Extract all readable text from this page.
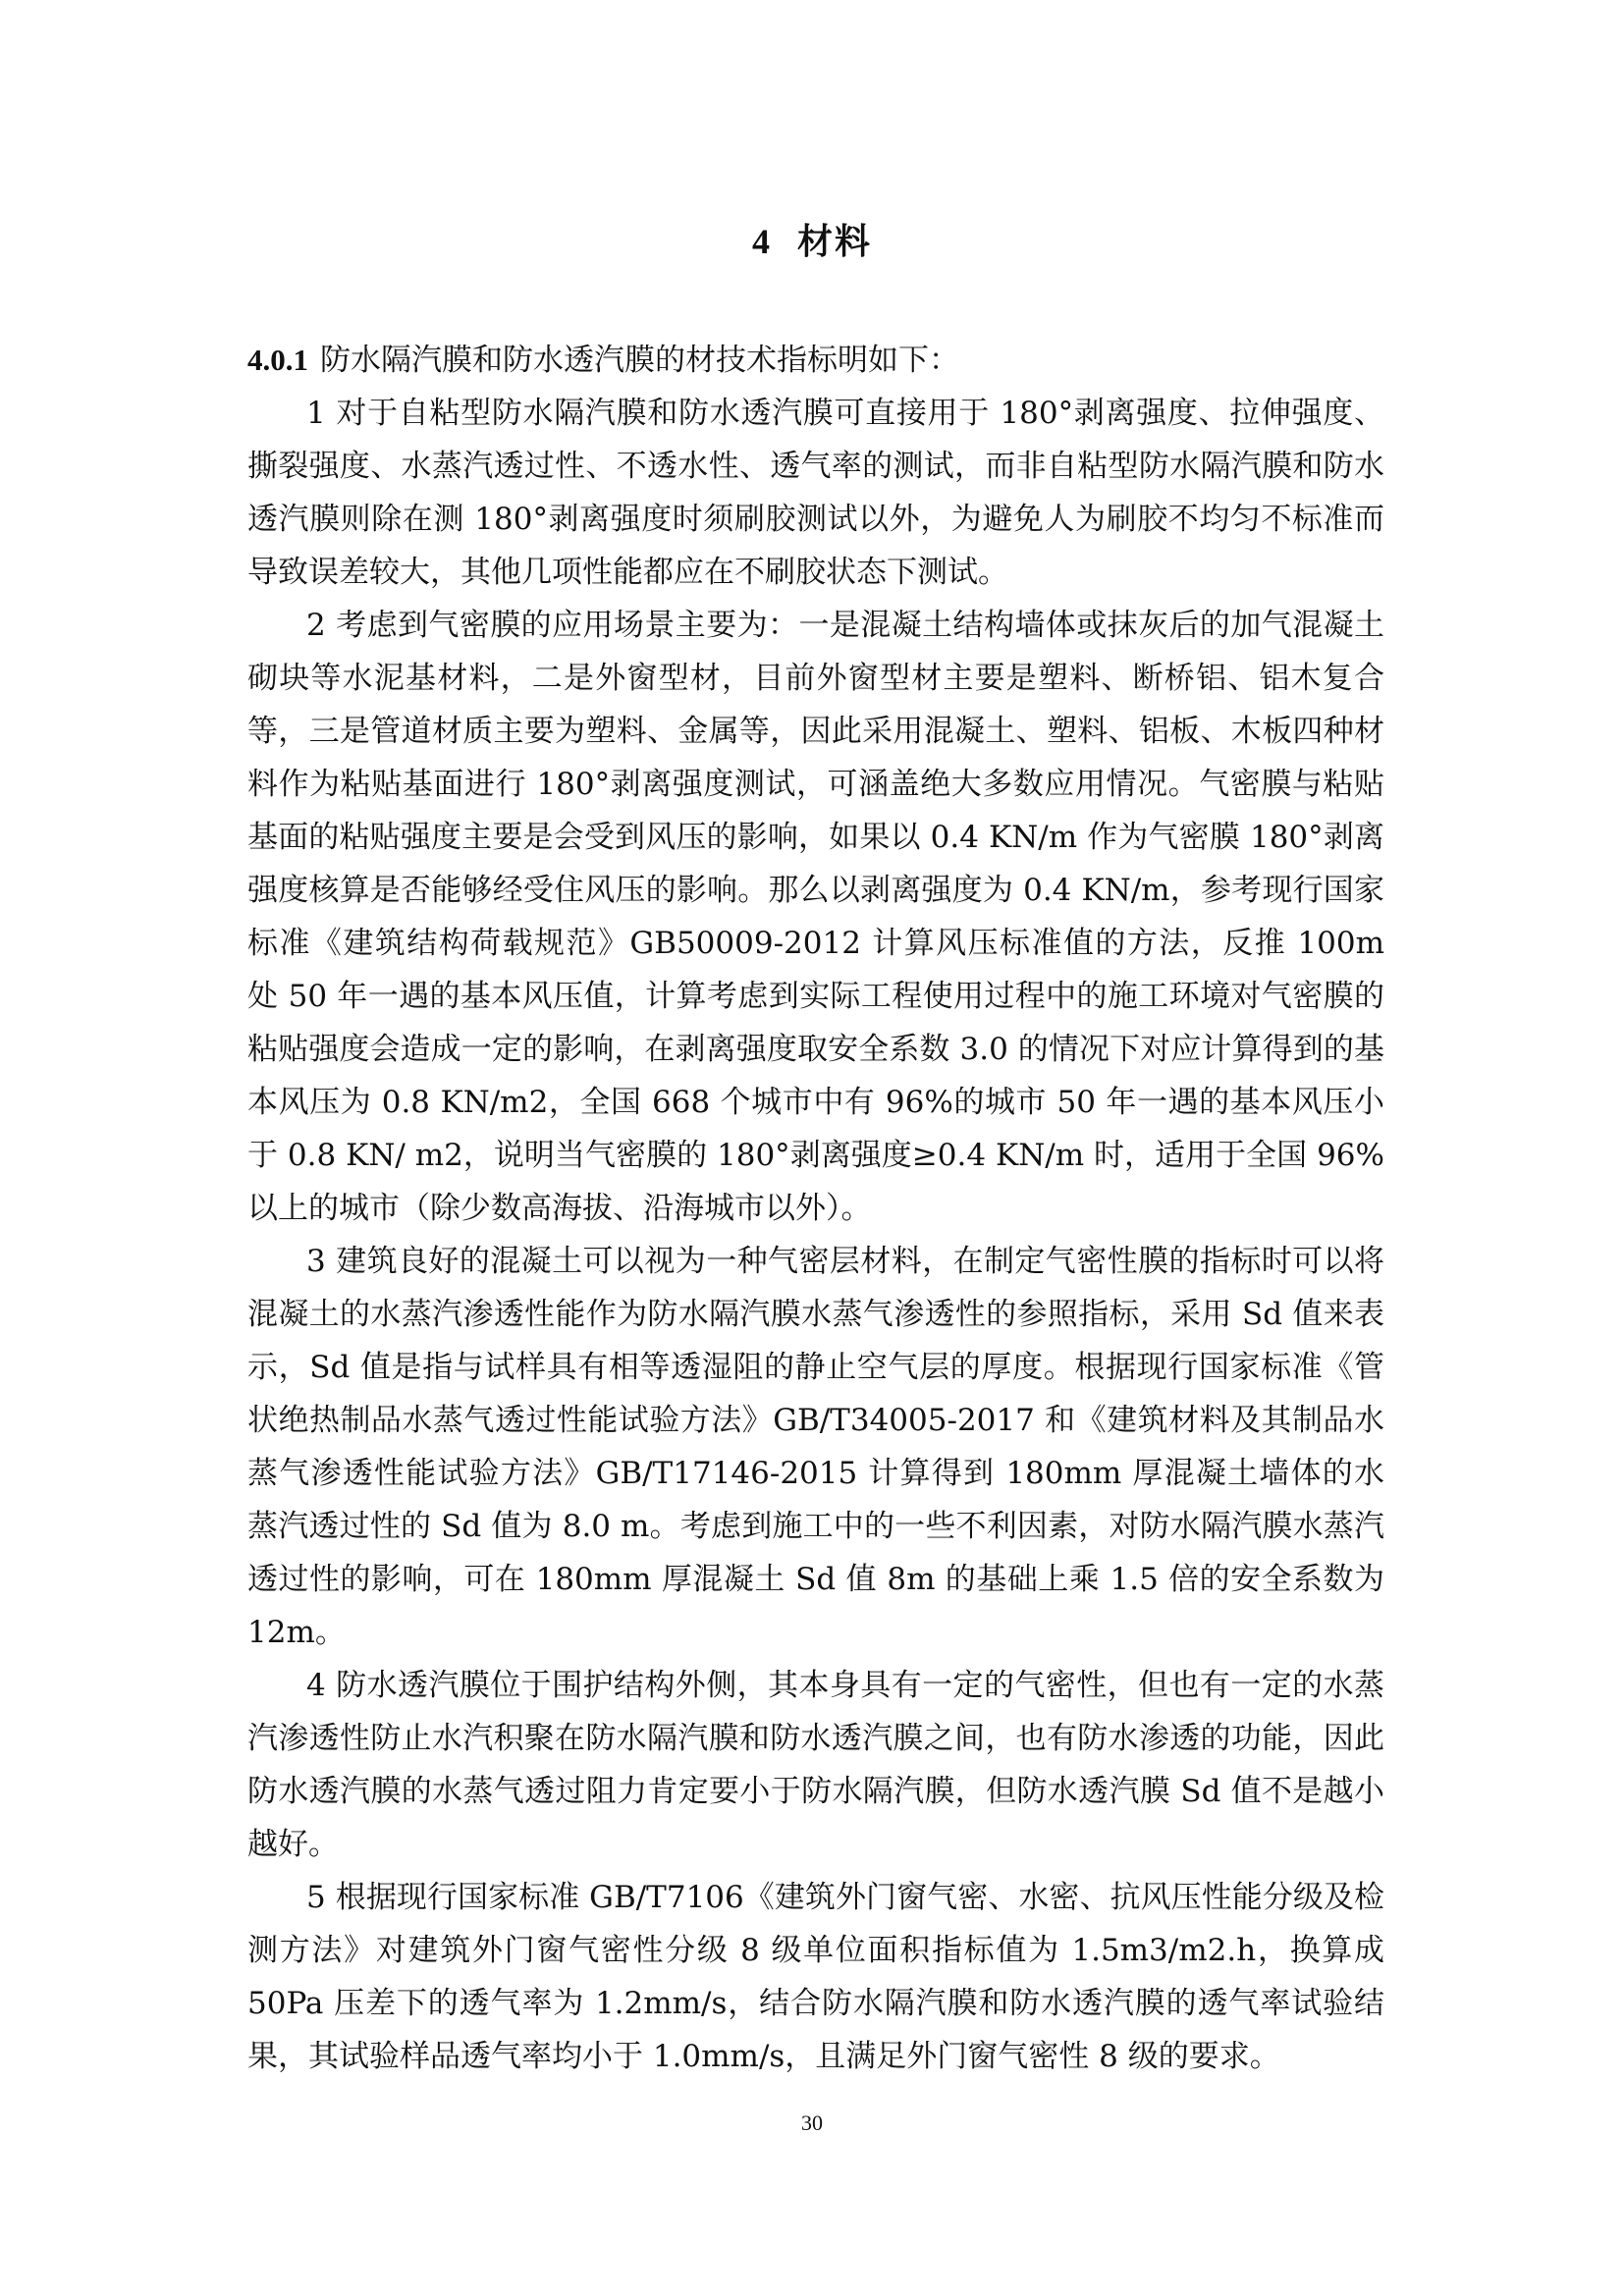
4 材料

4.0.1 防水隔汽膜和防水透汽膜的材技术指标明如下：

1 对于自粘型防水隔汽膜和防水透汽膜可直接用于 180°剥离强度、拉伸强度、撕裂强度、水蒸汽透过性、不透水性、透气率的测试，而非自粘型防水隔汽膜和防水透汽膜则除在测 180°剥离强度时须刷胶测试以外，为避免人为刷胶不均匀不标准而导致误差较大，其他几项性能都应在不刷胶状态下测试。

2 考虑到气密膜的应用场景主要为：一是混凝土结构墙体或抹灰后的加气混凝土砌块等水泥基材料，二是外窗型材，目前外窗型材主要是塑料、断桥铝、铝木复合等，三是管道材质主要为塑料、金属等，因此采用混凝土、塑料、铝板、木板四种材料作为粘贴基面进行 180°剥离强度测试，可涵盖绝大多数应用情况。气密膜与粘贴基面的粘贴强度主要是会受到风压的影响，如果以 0.4 KN/m 作为气密膜 180°剥离强度核算是否能够经受住风压的影响。那么以剥离强度为 0.4 KN/m，参考现行国家标准《建筑结构荷载规范》GB50009-2012 计算风压标准值的方法，反推 100m 处 50 年一遇的基本风压值，计算考虑到实际工程使用过程中的施工环境对气密膜的粘贴强度会造成一定的影响，在剥离强度取安全系数 3.0 的情况下对应计算得到的基本风压为 0.8 KN/m2，全国 668 个城市中有 96%的城市 50 年一遇的基本风压小于 0.8 KN/ m2，说明当气密膜的 180°剥离强度≥0.4 KN/m 时，适用于全国 96%以上的城市（除少数高海拔、沿海城市以外）。

3 建筑良好的混凝土可以视为一种气密层材料，在制定气密性膜的指标时可以将混凝土的水蒸汽渗透性能作为防水隔汽膜水蒸气渗透性的参照指标，采用 Sd 值来表示，Sd 值是指与试样具有相等透湿阻的静止空气层的厚度。根据现行国家标准《管状绝热制品水蒸气透过性能试验方法》GB/T34005-2017 和《建筑材料及其制品水蒸气渗透性能试验方法》GB/T17146-2015 计算得到 180mm 厚混凝土墙体的水蒸汽透过性的 Sd 值为 8.0 m。考虑到施工中的一些不利因素，对防水隔汽膜水蒸汽透过性的影响，可在 180mm 厚混凝土 Sd 值 8m 的基础上乘 1.5 倍的安全系数为 12m。

4 防水透汽膜位于围护结构外侧，其本身具有一定的气密性，但也有一定的水蒸汽渗透性防止水汽积聚在防水隔汽膜和防水透汽膜之间，也有防水渗透的功能，因此防水透汽膜的水蒸气透过阻力肯定要小于防水隔汽膜，但防水透汽膜 Sd 值不是越小越好。

5 根据现行国家标准 GB/T7106《建筑外门窗气密、水密、抗风压性能分级及检测方法》对建筑外门窗气密性分级 8 级单位面积指标值为 1.5m3/m2.h，换算成 50Pa 压差下的透气率为 1.2mm/s，结合防水隔汽膜和防水透汽膜的透气率试验结果，其试验样品透气率均小于 1.0mm/s，且满足外门窗气密性 8 级的要求。

30
